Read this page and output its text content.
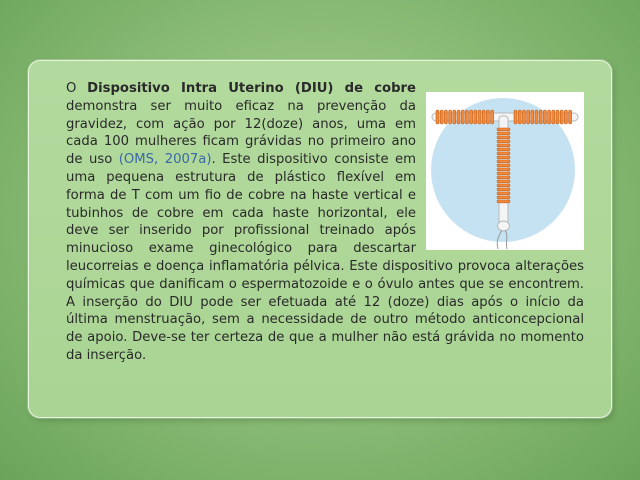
O Dispositivo Intra Uterino (DIU) de cobre demonstra ser muito eficaz na prevenção da gravidez, com ação por 12(doze) anos, uma em cada 100 mulheres ficam grávidas no primeiro ano de uso (OMS, 2007a). Este dispositivo consiste em uma pequena estrutura de plástico flexível em forma de T com um fio de cobre na haste vertical e tubinhos de cobre em cada haste horizontal, ele deve ser inserido por profissional treinado após minucioso exame ginecológico para descartar leucorreias e doença inflamatória pélvica. Este dispositivo provoca alterações químicas que danificam o espermatozoide e o óvulo antes que se encontrem. A inserção do DIU pode ser efetuada até 12 (doze) dias após o início da última menstruação, sem a necessidade de outro método anticoncepcional de apoio. Deve-se ter certeza de que a mulher não está grávida no momento da inserção.
